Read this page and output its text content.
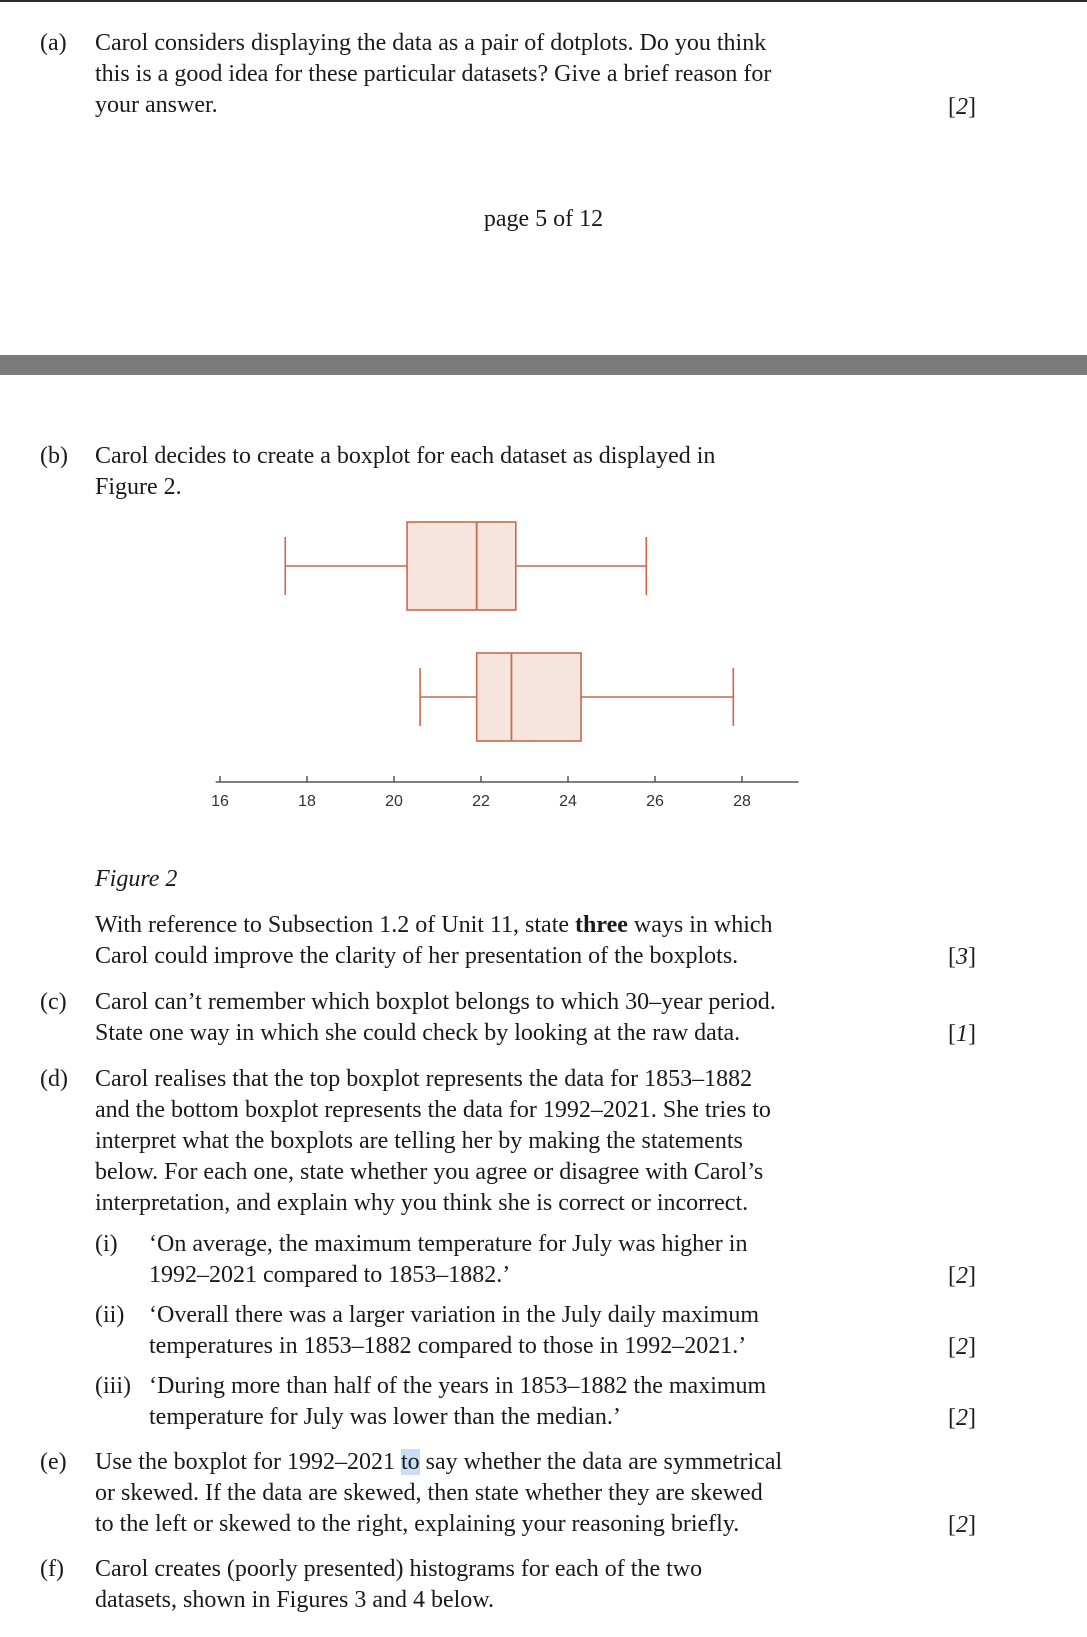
(a) Carol considers displaying the data as a pair of dotplots. Do you think
this is a good idea for these particular datasets? Give a brief reason for
your answer.	[2]
page 5 of 12
(b) Carol decides to create a boxplot for each dataset as displayed in
Figure 2.
16	18	20	22	24	26	28
Figure 2
With reference to Subsection 1.2 of Unit 11, state three ways in which
Carol could improve the clarity of her presentation of the boxplots.	[3]
(c) Carol can’t remember which boxplot belongs to which 30–year period.
State one way in which she could check by looking at the raw data.	[1]
(d) Carol realises that the top boxplot represents the data for 1853–1882
and the bottom boxplot represents the data for 1992–2021. She tries to
interpret what the boxplots are telling her by making the statements
below. For each one, state whether you agree or disagree with Carol’s
interpretation, and explain why you think she is correct or incorrect.
(i) ‘On average, the maximum temperature for July was higher in
1992–2021 compared to 1853–1882.’	[2]
(ii) ‘Overall there was a larger variation in the July daily maximum
temperatures in 1853–1882 compared to those in 1992–2021.’	[2]
(iii) ‘During more than half of the years in 1853–1882 the maximum
temperature for July was lower than the median.’	[2]
(e) Use the boxplot for 1992–2021 to say whether the data are symmetrical
or skewed. If the data are skewed, then state whether they are skewed
to the left or skewed to the right, explaining your reasoning briefly.	[2]
(f) Carol creates (poorly presented) histograms for each of the two
datasets, shown in Figures 3 and 4 below.
